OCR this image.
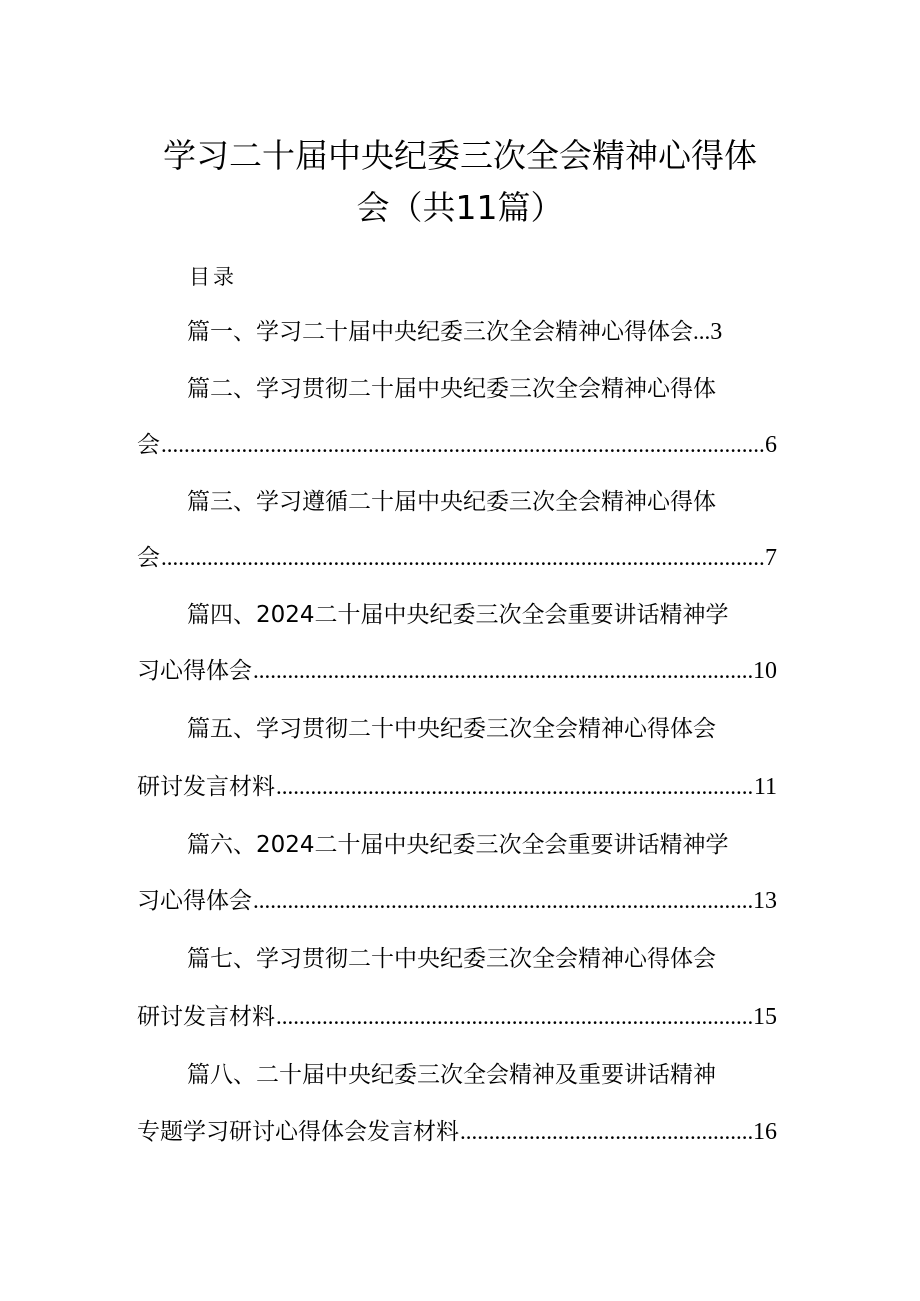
学习二十届中央纪委三次全会精神心得体
会（共11篇）
目录
篇一、学习二十届中央纪委三次全会精神心得体会 ... 3
篇二、学习贯彻二十届中央纪委三次全会精神心得体
会 .....	6
篇三、学习遵循二十届中央纪委三次全会精神心得体
会 .....	7
篇四、2024二十届中央纪委三次全会重要讲话精神学
习心得体会 .....	10
篇五、学习贯彻二十中央纪委三次全会精神心得体会
研讨发言材料 .....	11
篇六、2024二十届中央纪委三次全会重要讲话精神学
习心得体会 .....	13
篇七、学习贯彻二十中央纪委三次全会精神心得体会
研讨发言材料 .....	15
篇八、二十届中央纪委三次全会精神及重要讲话精神
专题学习研讨心得体会发言材料 .....	16
